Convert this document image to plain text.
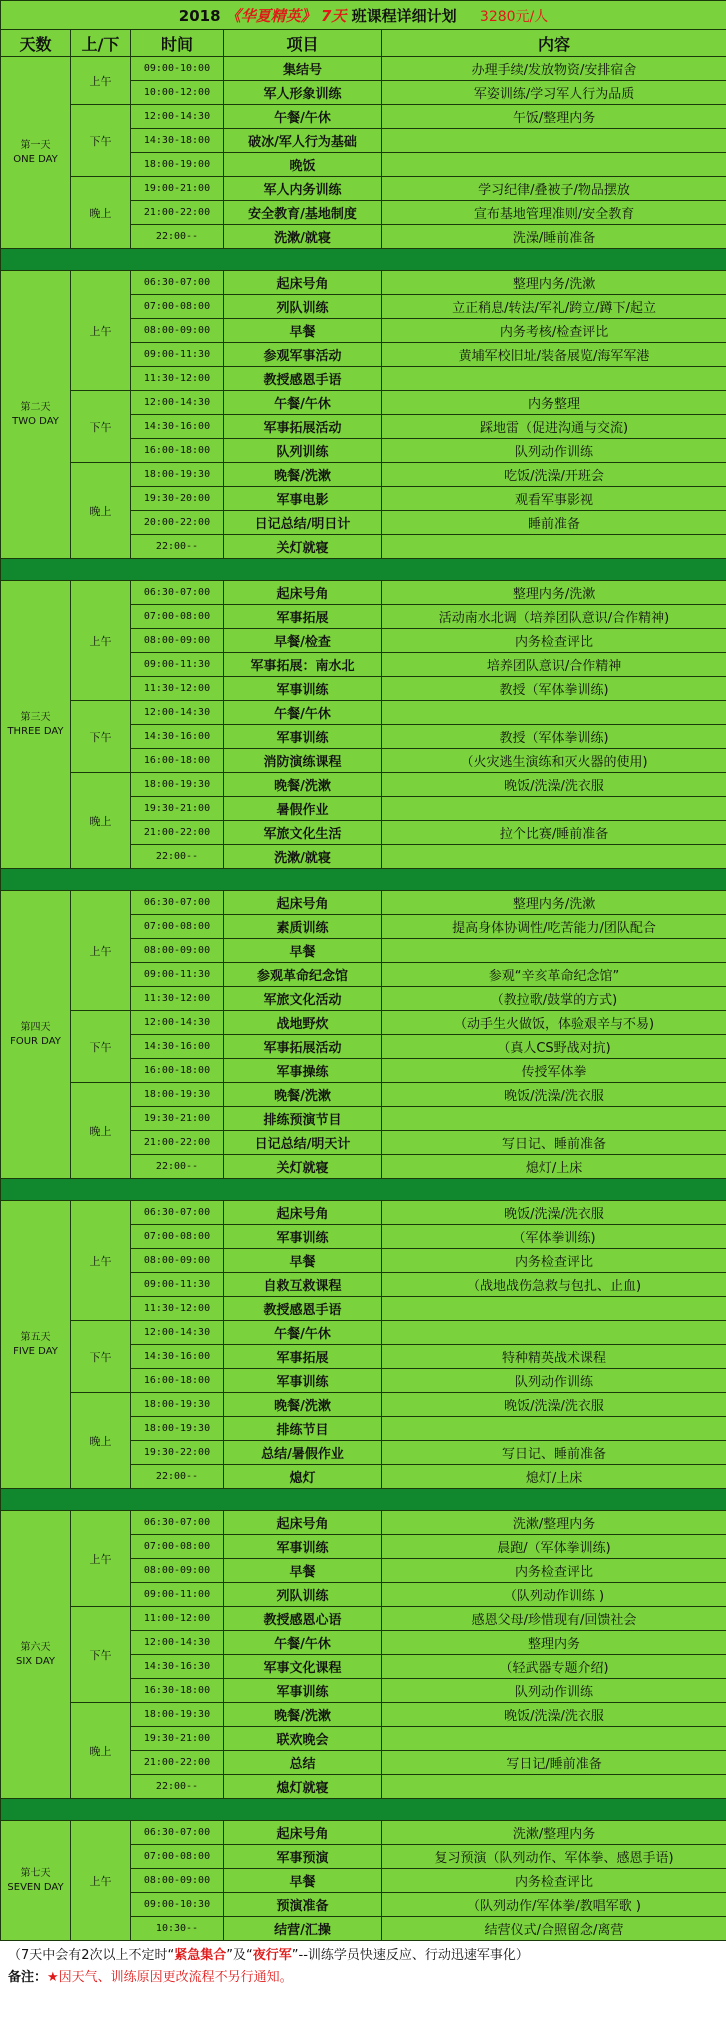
2018 《华夏精英》 7天 班课程详细计划 3280元/人				
天数	上/下	时间	项目	内容
第一天
ONE DAY	上午	09:00-10:00	集结号	办理手续/发放物资/安排宿舍
		10:00-12:00	军人形象训练	军姿训练/学习军人行为品质
	下午	12:00-14:30	午餐/午休	午饭/整理内务
		14:30-18:00	破冰/军人行为基础	
		18:00-19:00	晚饭	
	晚上	19:00-21:00	军人内务训练	学习纪律/叠被子/物品摆放
		21:00-22:00	安全教育/基地制度	宣布基地管理准则/安全教育
		22:00--	洗漱/就寝	洗澡/睡前准备

第二天
TWO DAY	上午	06:30-07:00	起床号角	整理内务/洗漱
		07:00-08:00	列队训练	立正稍息/转法/军礼/跨立/蹲下/起立
		08:00-09:00	早餐	内务考核/检查评比
		09:00-11:30	参观军事活动	黄埔军校旧址/装备展览/海军军港
		11:30-12:00	教授感恩手语	
	下午	12:00-14:30	午餐/午休	内务整理
		14:30-16:00	军事拓展活动	踩地雷（促进沟通与交流)
		16:00-18:00	队列训练	队列动作训练
	晚上	18:00-19:30	晚餐/洗漱	吃饭/洗澡/开班会
		19:30-20:00	军事电影	观看军事影视
		20:00-22:00	日记总结/明日计	睡前准备
		22:00--	关灯就寝	

第三天
THREE DAY	上午	06:30-07:00	起床号角	整理内务/洗漱
		07:00-08:00	军事拓展	活动南水北调（培养团队意识/合作精神)
		08:00-09:00	早餐/检查	内务检查评比
		09:00-11:30	军事拓展：南水北	培养团队意识/合作精神
		11:30-12:00	军事训练	教授（军体拳训练)
	下午	12:00-14:30	午餐/午休	
		14:30-16:00	军事训练	教授（军体拳训练)
		16:00-18:00	消防演练课程	（火灾逃生演练和灭火器的使用)
	晚上	18:00-19:30	晚餐/洗漱	晚饭/洗澡/洗衣服
		19:30-21:00	暑假作业	
		21:00-22:00	军旅文化生活	拉个比赛/睡前准备
		22:00--	洗漱/就寝	

第四天
FOUR DAY	上午	06:30-07:00	起床号角	整理内务/洗漱
		07:00-08:00	素质训练	提高身体协调性/吃苦能力/团队配合
		08:00-09:00	早餐	
		09:00-11:30	参观革命纪念馆	参观“辛亥革命纪念馆”
		11:30-12:00	军旅文化活动	（教拉歌/鼓掌的方式)
	下午	12:00-14:30	战地野炊	（动手生火做饭，体验艰辛与不易)
		14:30-16:00	军事拓展活动	（真人CS野战对抗)
		16:00-18:00	军事操练	传授军体拳
	晚上	18:00-19:30	晚餐/洗漱	晚饭/洗澡/洗衣服
		19:30-21:00	排练预演节目	
		21:00-22:00	日记总结/明天计	写日记、睡前准备
		22:00--	关灯就寝	熄灯/上床

第五天
FIVE DAY	上午	06:30-07:00	起床号角	晚饭/洗澡/洗衣服
		07:00-08:00	军事训练	（军体拳训练)
		08:00-09:00	早餐	内务检查评比
		09:00-11:30	自救互救课程	（战地战伤急救与包扎、止血)
		11:30-12:00	教授感恩手语	
	下午	12:00-14:30	午餐/午休	
		14:30-16:00	军事拓展	特种精英战术课程
		16:00-18:00	军事训练	队列动作训练
	晚上	18:00-19:30	晚餐/洗漱	晚饭/洗澡/洗衣服
		18:00-19:30	排练节目	
		19:30-22:00	总结/暑假作业	写日记、睡前准备
		22:00--	熄灯	熄灯/上床

第六天
SIX DAY	上午	06:30-07:00	起床号角	洗漱/整理内务
		07:00-08:00	军事训练	晨跑/（军体拳训练)
		08:00-09:00	早餐	内务检查评比
		09:00-11:00	列队训练	（队列动作训练 )
	下午	11:00-12:00	教授感恩心语	感恩父母/珍惜现有/回馈社会
		12:00-14:30	午餐/午休	整理内务
		14:30-16:30	军事文化课程	（轻武器专题介绍)
		16:30-18:00	军事训练	队列动作训练
	晚上	18:00-19:30	晚餐/洗漱	晚饭/洗澡/洗衣服
		19:30-21:00	联欢晚会	
		21:00-22:00	总结	写日记/睡前准备
		22:00--	熄灯就寝	

第七天
SEVEN DAY	上午	06:30-07:00	起床号角	洗漱/整理内务
		07:00-08:00	军事预演	复习预演（队列动作、军体拳、感恩手语)
		08:00-09:00	早餐	内务检查评比
		09:00-10:30	预演准备	（队列动作/军体拳/教唱军歌 )
		10:30--	结营/汇操	结营仪式/合照留念/离营
（7天中会有2次以上不定时“紧急集合”及“夜行军”--训练学员快速反应、行动迅速军事化）
备注：★因天气、训练原因更改流程不另行通知。
